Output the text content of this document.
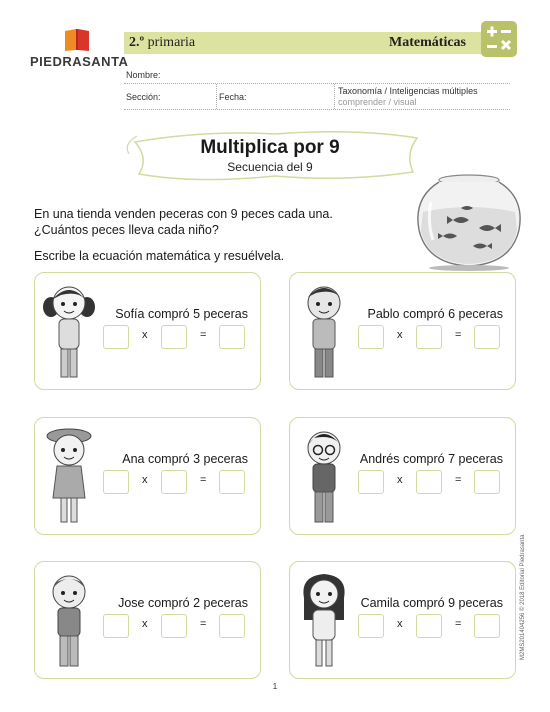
PIEDRASANTA
2.º primaria	Matemáticas
Nombre:
Sección:	Fecha:
Taxonomía / Inteligencias múltiples
comprender / visual
Multiplica por 9
Secuencia del 9
En una tienda venden peceras con 9 peces cada una.
¿Cuántos peces lleva cada niño?
Escribe la ecuación matemática y resuélvela.
Sofía compró 5 peceras
x	=
Pablo compró 6 peceras
x	=
Ana compró 3 peceras
x	=
Andrés compró 7 peceras
x	=
Jose compró 2 peceras
x	=
Camila compró 9 peceras
x	=	M2MS201404256 © 2018 Editorial Piedrasanta
1
